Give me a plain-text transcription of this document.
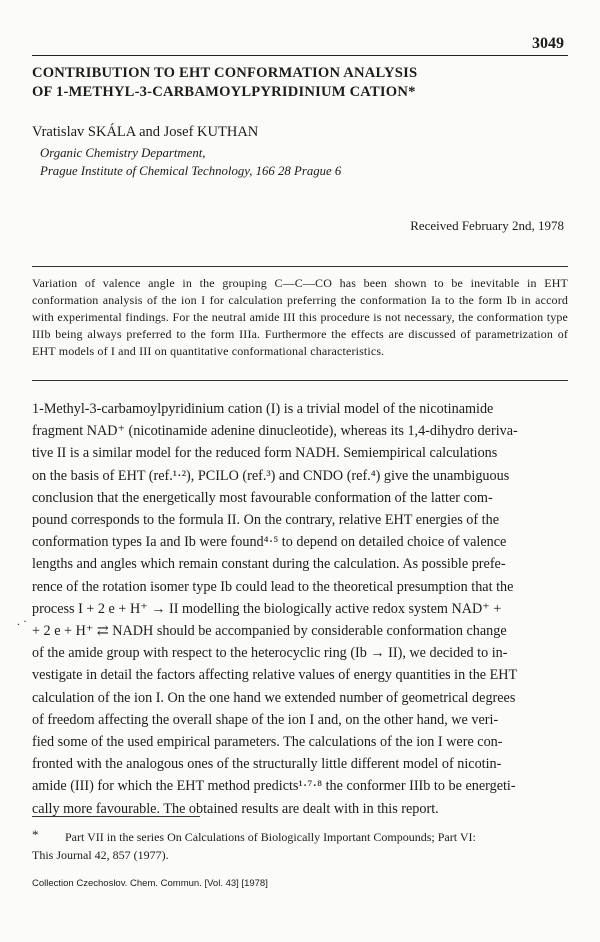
3049
CONTRIBUTION TO EHT CONFORMATION ANALYSIS
OF 1-METHYL-3-CARBAMOYLPYRIDINIUM CATION*
Vratislav SKÁLA and Josef KUTHAN
Organic Chemistry Department,
Prague Institute of Chemical Technology, 166 28 Prague 6
Received February 2nd, 1978
Variation of valence angle in the grouping C—C—CO has been shown to be inevitable in EHT conformation analysis of the ion I for calculation preferring the conformation Ia to the form Ib in accord with experimental findings. For the neutral amide III this procedure is not necessary, the conformation type IIIb being always preferred to the form IIIa. Furthermore the effects are discussed of parametrization of EHT models of I and III on quantitative conformational characteristics.
1-Methyl-3-carbamoylpyridinium cation (I) is a trivial model of the nicotinamide
fragment NAD⁺ (nicotinamide adenine dinucleotide), whereas its 1,4-dihydro deriva-
tive II is a similar model for the reduced form NADH. Semiempirical calculations
on the basis of EHT (ref.¹·²), PCILO (ref.³) and CNDO (ref.⁴) give the unambiguous
conclusion that the energetically most favourable conformation of the latter com-
pound corresponds to the formula II. On the contrary, relative EHT energies of the
conformation types Ia and Ib were found⁴·⁵ to depend on detailed choice of valence
lengths and angles which remain constant during the calculation. As possible prefe-
rence of the rotation isomer type Ib could lead to the theoretical presumption that the
process I + 2 e + H⁺ → II modelling the biologically active redox system NAD⁺ +
+ 2 e + H⁺ ⇄ NADH should be accompanied by considerable conformation change
of the amide group with respect to the heterocyclic ring (Ib → II), we decided to in-
vestigate in detail the factors affecting relative values of energy quantities in the EHT
calculation of the ion I. On the one hand we extended number of geometrical degrees
of freedom affecting the overall shape of the ion I and, on the other hand, we veri-
fied some of the used empirical parameters. The calculations of the ion I were con-
fronted with the analogous ones of the structurally little different model of nicotin-
amide (III) for which the EHT method predicts¹·⁷·⁸ the conformer IIIb to be energeti-
cally more favourable. The obtained results are dealt with in this report.
. ·
*	Part VII in the series On Calculations of Biologically Important Compounds; Part VI:
This Journal 42, 857 (1977).
Collection Czechoslov. Chem. Commun. [Vol. 43] [1978]
